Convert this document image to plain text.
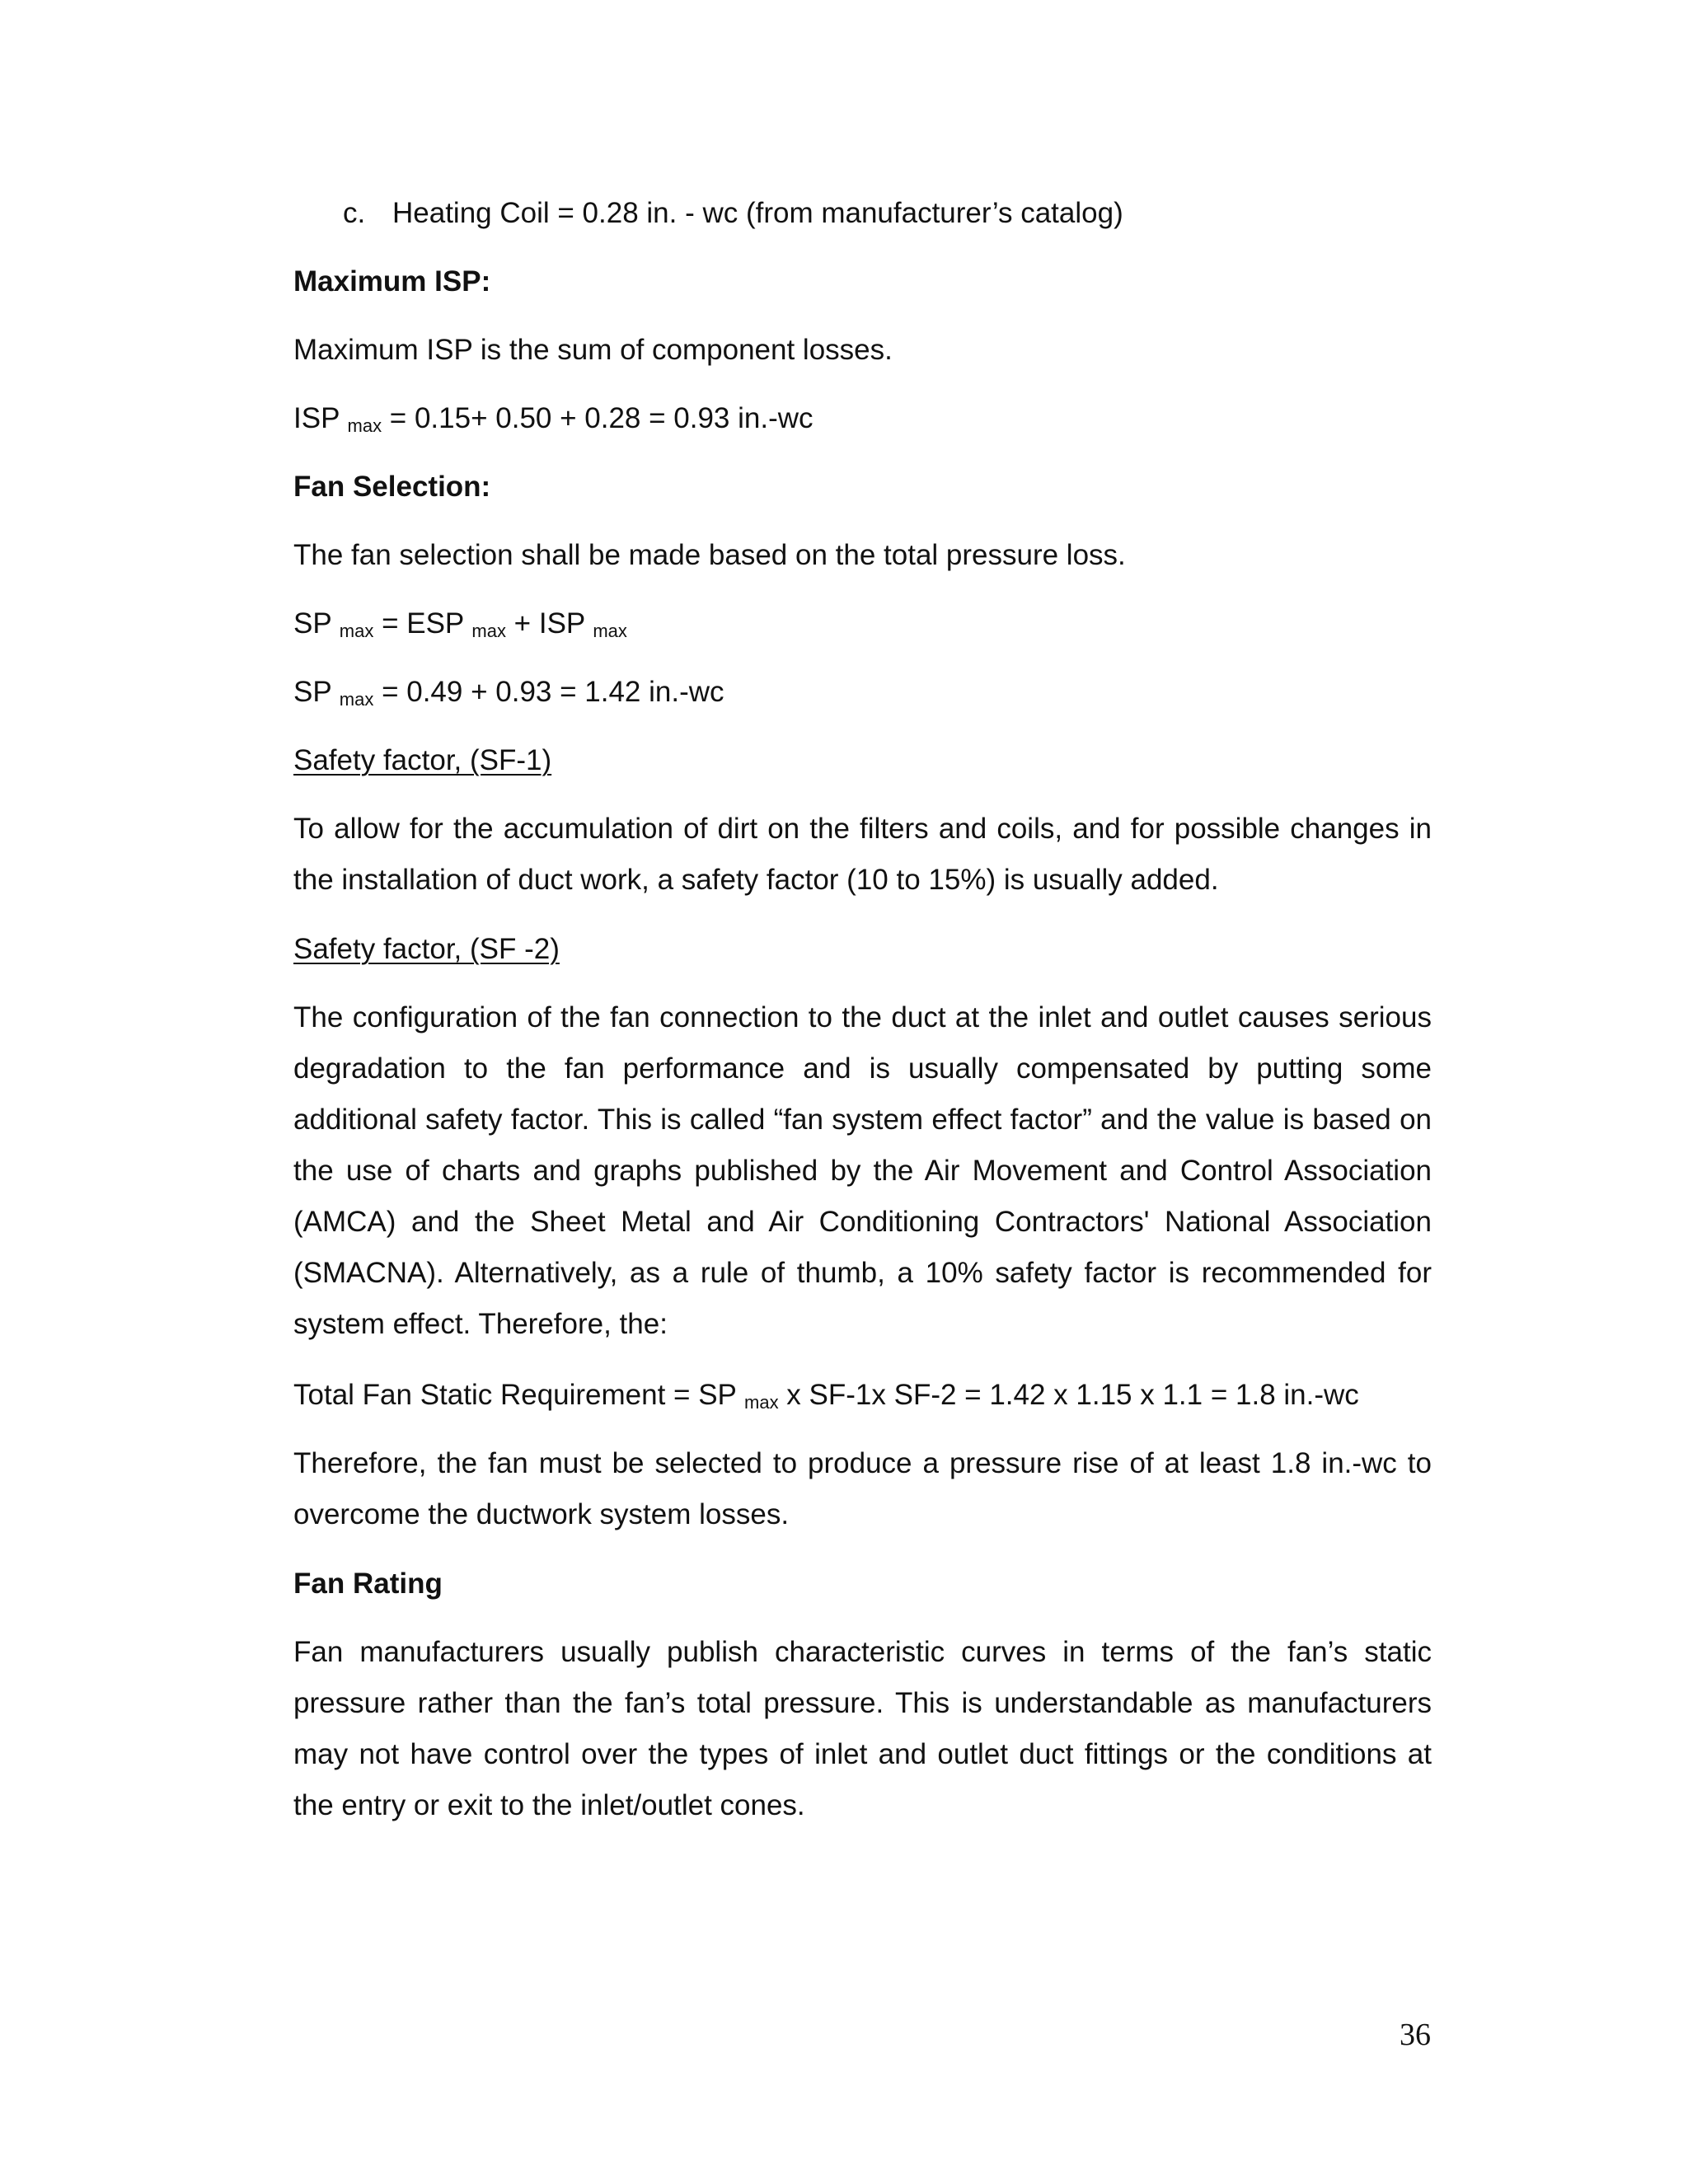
c. Heating Coil = 0.28 in. - wc (from manufacturer’s catalog)

Maximum ISP:

Maximum ISP is the sum of component losses.

ISP $_{max}$ = 0.15+ 0.50 + 0.28 = 0.93 in.-wc

Fan Selection:

The fan selection shall be made based on the total pressure loss.

SP $_{max}$ = ESP $_{max}$ + ISP $_{max}$

SP $_{max}$ = 0.49 + 0.93 = 1.42 in.-wc

Safety factor, (SF-1)

To allow for the accumulation of dirt on the filters and coils, and for possible changes in the installation of duct work, a safety factor (10 to 15%) is usually added.

Safety factor, (SF -2)

The configuration of the fan connection to the duct at the inlet and outlet causes serious degradation to the fan performance and is usually compensated by putting some additional safety factor. This is called “fan system effect factor” and the value is based on the use of charts and graphs published by the Air Movement and Control Association (AMCA) and the Sheet Metal and Air Conditioning Contractors' National Association (SMACNA). Alternatively, as a rule of thumb, a 10% safety factor is recommended for system effect. Therefore, the:

Total Fan Static Requirement = SP $_{max}$ x SF-1x SF-2 = 1.42 x 1.15 x 1.1 = 1.8 in.-wc

Therefore, the fan must be selected to produce a pressure rise of at least 1.8 in.-wc to overcome the ductwork system losses.

Fan Rating

Fan manufacturers usually publish characteristic curves in terms of the fan’s static pressure rather than the fan’s total pressure. This is understandable as manufacturers may not have control over the types of inlet and outlet duct fittings or the conditions at the entry or exit to the inlet/outlet cones.

36
